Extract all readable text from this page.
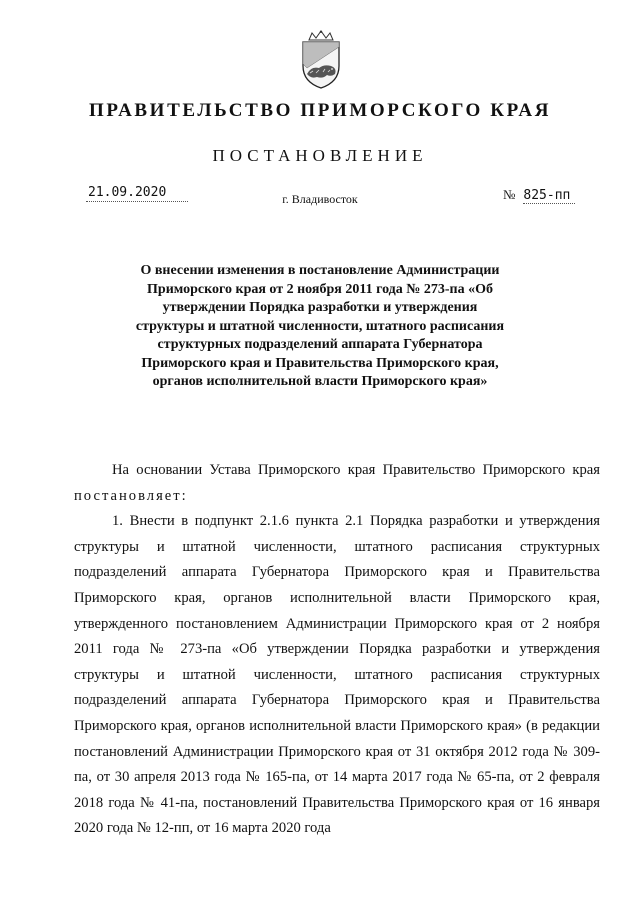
ПРАВИТЕЛЬСТВО ПРИМОРСКОГО КРАЯ
ПОСТАНОВЛЕНИЕ
21.09.2020	г. Владивосток	№ 825-пп

О внесении изменения в постановление Администрации Приморского края от 2 ноября 2011 года № 273-па «Об утверждении Порядка разработки и утверждения структуры и штатной численности, штатного расписания структурных подразделений аппарата Губернатора Приморского края и Правительства Приморского края, органов исполнительной власти Приморского края»

На основании Устава Приморского края Правительство Приморского края постановляет:

1. Внести в подпункт 2.1.6 пункта 2.1 Порядка разработки и утверждения структуры и штатной численности, штатного расписания структурных подразделений аппарата Губернатора Приморского края и Правительства Приморского края, органов исполнительной власти Приморского края, утвержденного постановлением Администрации Приморского края от 2 ноября 2011 года № 273-па «Об утверждении Порядка разработки и утверждения структуры и штатной численности, штатного расписания структурных подразделений аппарата Губернатора Приморского края и Правительства Приморского края, органов исполнительной власти Приморского края» (в редакции постановлений Администрации Приморского края от 31 октября 2012 года № 309-па, от 30 апреля 2013 года № 165-па, от 14 марта 2017 года № 65-па, от 2 февраля 2018 года № 41-па, постановлений Правительства Приморского края от 16 января 2020 года № 12-пп, от 16 марта 2020 года
